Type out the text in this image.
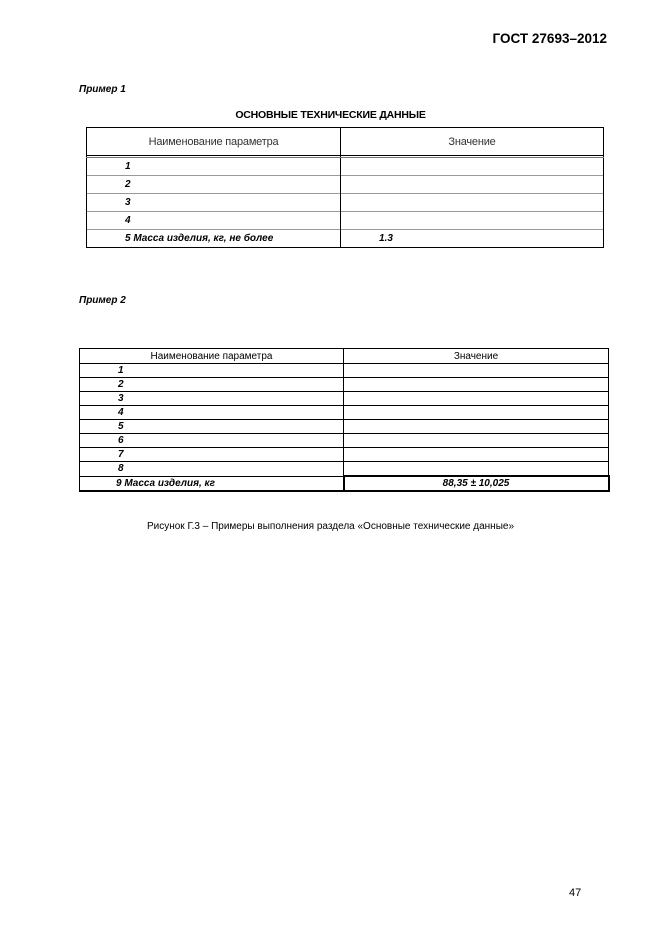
ГОСТ 27693–2012
Пример 1
ОСНОВНЫЕ ТЕХНИЧЕСКИЕ ДАННЫЕ
Наименование параметра	Значение

1	
2	
3	
4	
5 Масса изделия, кг, не более	1.3
Пример 2
Наименование параметра	Значение
1	
2	
3	
4	
5	
6	
7	
8	
9 Масса изделия, кг	88,35 ± 10,025
Рисунок Г.3 – Примеры выполнения раздела «Основные технические данные»
47
